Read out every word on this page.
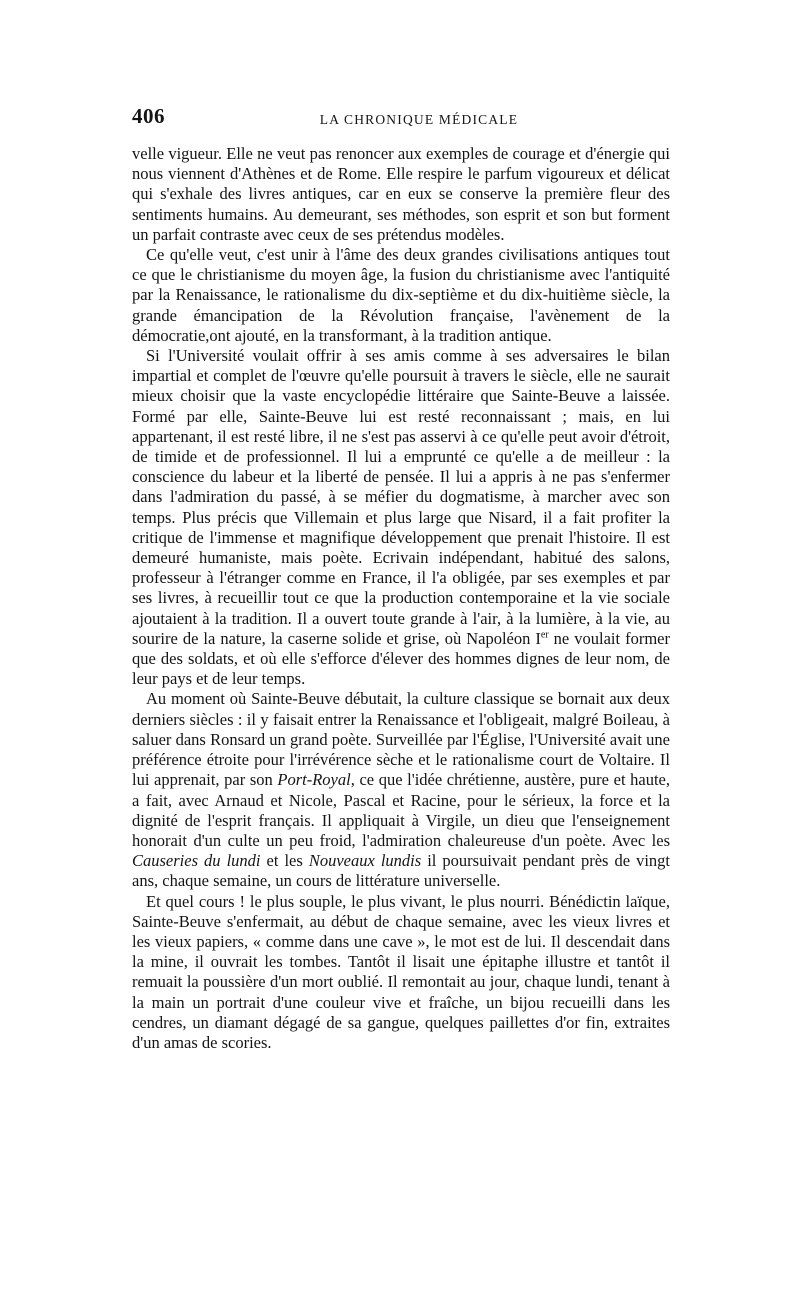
406	LA CHRONIQUE MÉDICALE

velle vigueur. Elle ne veut pas renoncer aux exemples de courage et d'énergie qui nous viennent d'Athènes et de Rome. Elle respire le parfum vigoureux et délicat qui s'exhale des livres antiques, car en eux se conserve la première fleur des sentiments humains. Au demeurant, ses méthodes, son esprit et son but forment un parfait contraste avec ceux de ses prétendus modèles.

Ce qu'elle veut, c'est unir à l'âme des deux grandes civilisations antiques tout ce que le christianisme du moyen âge, la fusion du christianisme avec l'antiquité par la Renaissance, le rationalisme du dix-septième et du dix-huitième siècle, la grande émancipation de la Révolution française, l'avènement de la démocratie,ont ajouté, en la transformant, à la tradition antique.

Si l'Université voulait offrir à ses amis comme à ses adversaires le bilan impartial et complet de l'œuvre qu'elle poursuit à travers le siècle, elle ne saurait mieux choisir que la vaste encyclopédie littéraire que Sainte-Beuve a laissée. Formé par elle, Sainte-Beuve lui est resté reconnaissant ; mais, en lui appartenant, il est resté libre, il ne s'est pas asservi à ce qu'elle peut avoir d'étroit, de timide et de professionnel. Il lui a emprunté ce qu'elle a de meilleur : la conscience du labeur et la liberté de pensée. Il lui a appris à ne pas s'enfermer dans l'admiration du passé, à se méfier du dogmatisme, à marcher avec son temps. Plus précis que Villemain et plus large que Nisard, il a fait profiter la critique de l'immense et magnifique développement que prenait l'histoire. Il est demeuré humaniste, mais poète. Ecrivain indépendant, habitué des salons, professeur à l'étranger comme en France, il l'a obligée, par ses exemples et par ses livres, à recueillir tout ce que la production contemporaine et la vie sociale ajoutaient à la tradition. Il a ouvert toute grande à l'air, à la lumière, à la vie, au sourire de la nature, la caserne solide et grise, où Napoléon Ier ne voulait former que des soldats, et où elle s'efforce d'élever des hommes dignes de leur nom, de leur pays et de leur temps.

Au moment où Sainte-Beuve débutait, la culture classique se bornait aux deux derniers siècles : il y faisait entrer la Renaissance et l'obligeait, malgré Boileau, à saluer dans Ronsard un grand poète. Surveillée par l'Église, l'Université avait une préférence étroite pour l'irrévérence sèche et le rationalisme court de Voltaire. Il lui apprenait, par son Port-Royal, ce que l'idée chrétienne, austère, pure et haute, a fait, avec Arnaud et Nicole, Pascal et Racine, pour le sérieux, la force et la dignité de l'esprit français. Il appliquait à Virgile, un dieu que l'enseignement honorait d'un culte un peu froid, l'admiration chaleureuse d'un poète. Avec les Causeries du lundi et les Nouveaux lundis il poursuivait pendant près de vingt ans, chaque semaine, un cours de littérature universelle.

Et quel cours ! le plus souple, le plus vivant, le plus nourri. Bénédictin laïque, Sainte-Beuve s'enfermait, au début de chaque semaine, avec les vieux livres et les vieux papiers, « comme dans une cave », le mot est de lui. Il descendait dans la mine, il ouvrait les tombes. Tantôt il lisait une épitaphe illustre et tantôt il remuait la poussière d'un mort oublié. Il remontait au jour, chaque lundi, tenant à la main un portrait d'une couleur vive et fraîche, un bijou recueilli dans les cendres, un diamant dégagé de sa gangue, quelques paillettes d'or fin, extraites d'un amas de scories.
